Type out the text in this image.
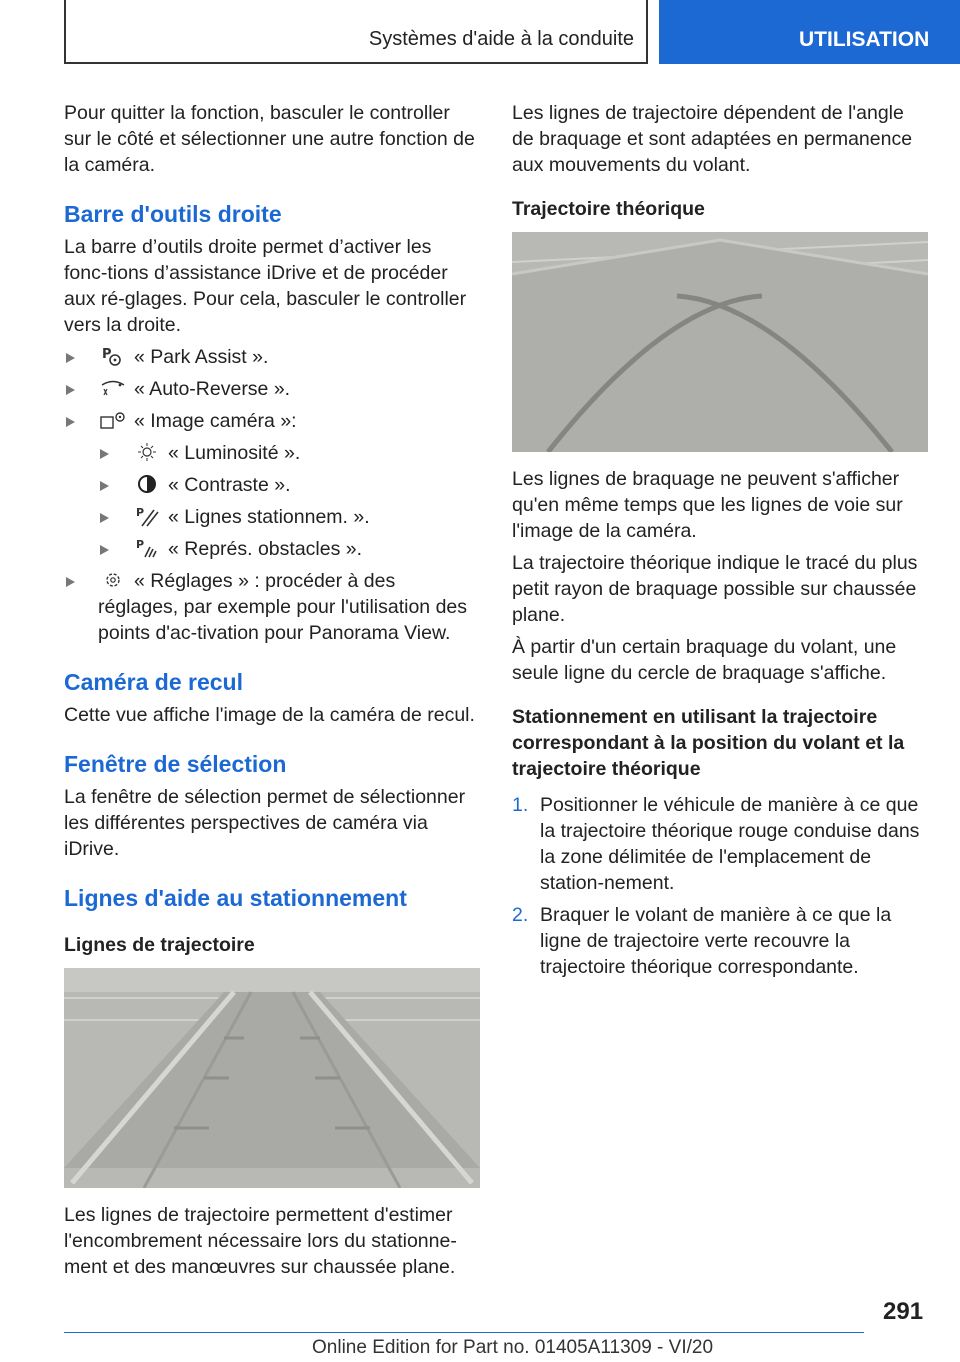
Systèmes d'aide à la conduite	UTILISATION

Pour quitter la fonction, basculer le controller sur le côté et sélectionner une autre fonction de la caméra.

Barre d'outils droite

La barre d’outils droite permet d’activer les fonc-tions d’assistance iDrive et de procéder aux ré-glages. Pour cela, basculer le controller vers la droite.

P « Park Assist ».
« Auto-Reverse ».
« Image caméra »:
« Luminosité ».
« Contraste ».
P « Lignes stationnem. ».
P « Représ. obstacles ».
« Réglages » : procéder à des réglages, par exemple pour l'utilisation des points d'ac-tivation pour Panorama View.
Caméra de recul

Cette vue affiche l'image de la caméra de recul.

Fenêtre de sélection

La fenêtre de sélection permet de sélectionner les différentes perspectives de caméra via iDrive.

Lignes d'aide au stationnement
Lignes de trajectoire

Les lignes de trajectoire permettent d'estimer l'encombrement nécessaire lors du stationne-ment et des manœuvres sur chaussée plane.

Les lignes de trajectoire dépendent de l'angle de braquage et sont adaptées en permanence aux mouvements du volant.

Trajectoire théorique

Les lignes de braquage ne peuvent s'afficher qu'en même temps que les lignes de voie sur l'image de la caméra.

La trajectoire théorique indique le tracé du plus petit rayon de braquage possible sur chaussée plane.

À partir d'un certain braquage du volant, une seule ligne du cercle de braquage s'affiche.

Stationnement en utilisant la trajectoire correspondant à la position du volant et la trajectoire théorique
1. Positionner le véhicule de manière à ce que la trajectoire théorique rouge conduise dans la zone délimitée de l'emplacement de station-nement.
2. Braquer le volant de manière à ce que la ligne de trajectoire verte recouvre la trajectoire théorique correspondante.
291
Online Edition for Part no. 01405A11309 - VI/20
